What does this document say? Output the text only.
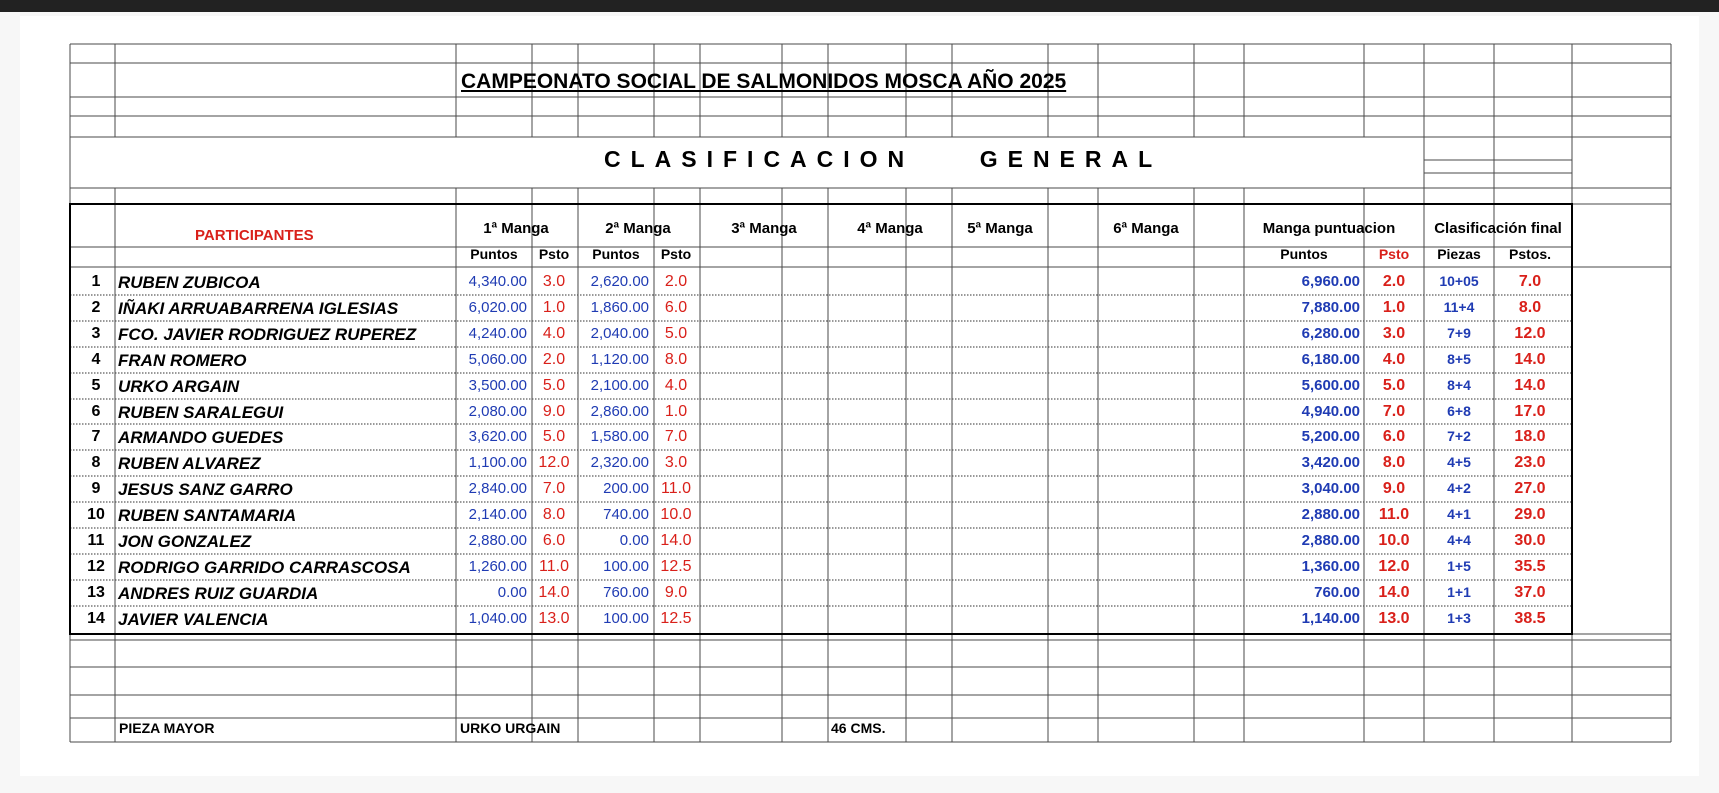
CAMPEONATO SOCIAL DE SALMONIDOS MOSCA AÑO 2025
CLASIFICACION    GENERAL
PARTICIPANTES	1ª Manga	2ª Manga	3ª Manga	4ª Manga	5ª Manga	6ª Manga	Manga puntuacion	Clasificación final
Puntos	Psto	Puntos	Psto	Puntos	Psto	Piezas	Pstos.
1	RUBEN ZUBICOA	4,340.00 3.0	2,620.00 2.0	6,960.00	2.0	10+05	7.0
2	IÑAKI ARRUABARRENA IGLESIAS	6,020.00 1.0	1,860.00 6.0	7,880.00	1.0	11+4	8.0
3	FCO. JAVIER RODRIGUEZ RUPEREZ	4,240.00 4.0	2,040.00 5.0	6,280.00	3.0	7+9	12.0
4	FRAN ROMERO	5,060.00 2.0	1,120.00 8.0	6,180.00	4.0	8+5	14.0
5	URKO ARGAIN	3,500.00 5.0	2,100.00 4.0	5,600.00	5.0	8+4	14.0
6	RUBEN SARALEGUI	2,080.00 9.0	2,860.00 1.0	4,940.00	7.0	6+8	17.0
7	ARMANDO GUEDES	3,620.00 5.0	1,580.00 7.0	5,200.00	6.0	7+2	18.0
8	RUBEN ALVAREZ	1,100.00 12.0	2,320.00 3.0	3,420.00	8.0	4+5	23.0
9	JESUS SANZ GARRO	2,840.00 7.0	200.00 11.0	3,040.00	9.0	4+2	27.0
10 RUBEN SANTAMARIA	2,140.00 8.0	740.00 10.0	2,880.00	11.0	4+1	29.0
11 JON GONZALEZ	2,880.00 6.0	0.00 14.0	2,880.00	10.0	4+4	30.0
12 RODRIGO GARRIDO CARRASCOSA	1,260.00 11.0	100.00 12.5	1,360.00	12.0	1+5	35.5
13 ANDRES RUIZ GUARDIA	0.00 14.0	760.00 9.0	760.00	14.0	1+1	37.0
14 JAVIER VALENCIA	1,040.00 13.0	100.00 12.5	1,140.00	13.0	1+3	38.5
PIEZA MAYOR	URKO URGAIN	46 CMS.
